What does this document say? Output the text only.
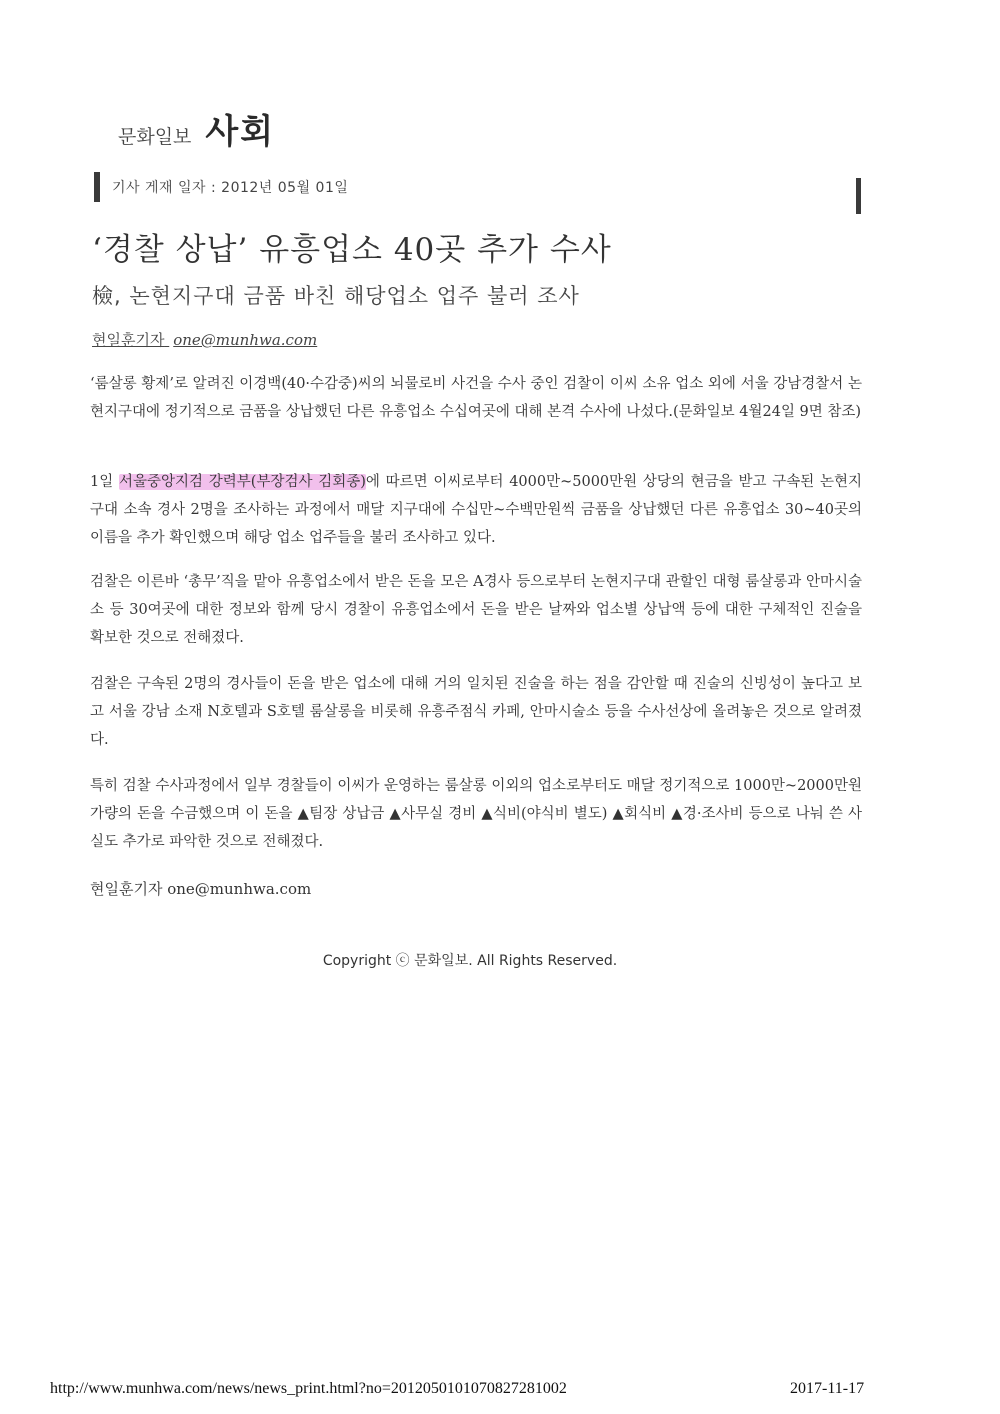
문화일보 사회
기사 게재 일자 : 2012년 05월 01일
‘경찰 상납’ 유흥업소 40곳 추가 수사
檢, 논현지구대 금품 바친 해당업소 업주 불러 조사
현일훈기자 one@munhwa.com
‘룸살롱 황제’로 알려진 이경백(40·수감중)씨의 뇌물로비 사건을 수사 중인 검찰이 이씨 소유 업소 외에 서울 강남경찰서 논현지구대에 정기적으로 금품을 상납했던 다른 유흥업소 수십여곳에 대해 본격 수사에 나섰다.(문화일보 4월24일 9면 참조)
1일 서울중앙지검 강력부(부장검사 김회종)에 따르면 이씨로부터 4000만~5000만원 상당의 현금을 받고 구속된 논현지구대 소속 경사 2명을 조사하는 과정에서 매달 지구대에 수십만~수백만원씩 금품을 상납했던 다른 유흥업소 30~40곳의 이름을 추가 확인했으며 해당 업소 업주들을 불러 조사하고 있다.
검찰은 이른바 ‘총무’직을 맡아 유흥업소에서 받은 돈을 모은 A경사 등으로부터 논현지구대 관할인 대형 룸살롱과 안마시술소 등 30여곳에 대한 정보와 함께 당시 경찰이 유흥업소에서 돈을 받은 날짜와 업소별 상납액 등에 대한 구체적인 진술을 확보한 것으로 전해졌다.
검찰은 구속된 2명의 경사들이 돈을 받은 업소에 대해 거의 일치된 진술을 하는 점을 감안할 때 진술의 신빙성이 높다고 보고 서울 강남 소재 N호텔과 S호텔 룸살롱을 비롯해 유흥주점식 카페, 안마시술소 등을 수사선상에 올려놓은 것으로 알려졌다.
특히 검찰 수사과정에서 일부 경찰들이 이씨가 운영하는 룸살롱 이외의 업소로부터도 매달 정기적으로 1000만~2000만원 가량의 돈을 수금했으며 이 돈을 ▲팀장 상납금 ▲사무실 경비 ▲식비(야식비 별도) ▲회식비 ▲경·조사비 등으로 나눠 쓴 사실도 추가로 파악한 것으로 전해졌다.
현일훈기자 one@munhwa.com
Copyright ⓒ 문화일보. All Rights Reserved.
http://www.munhwa.com/news/news_print.html?no=2012050101070827281002	2017-11-17
